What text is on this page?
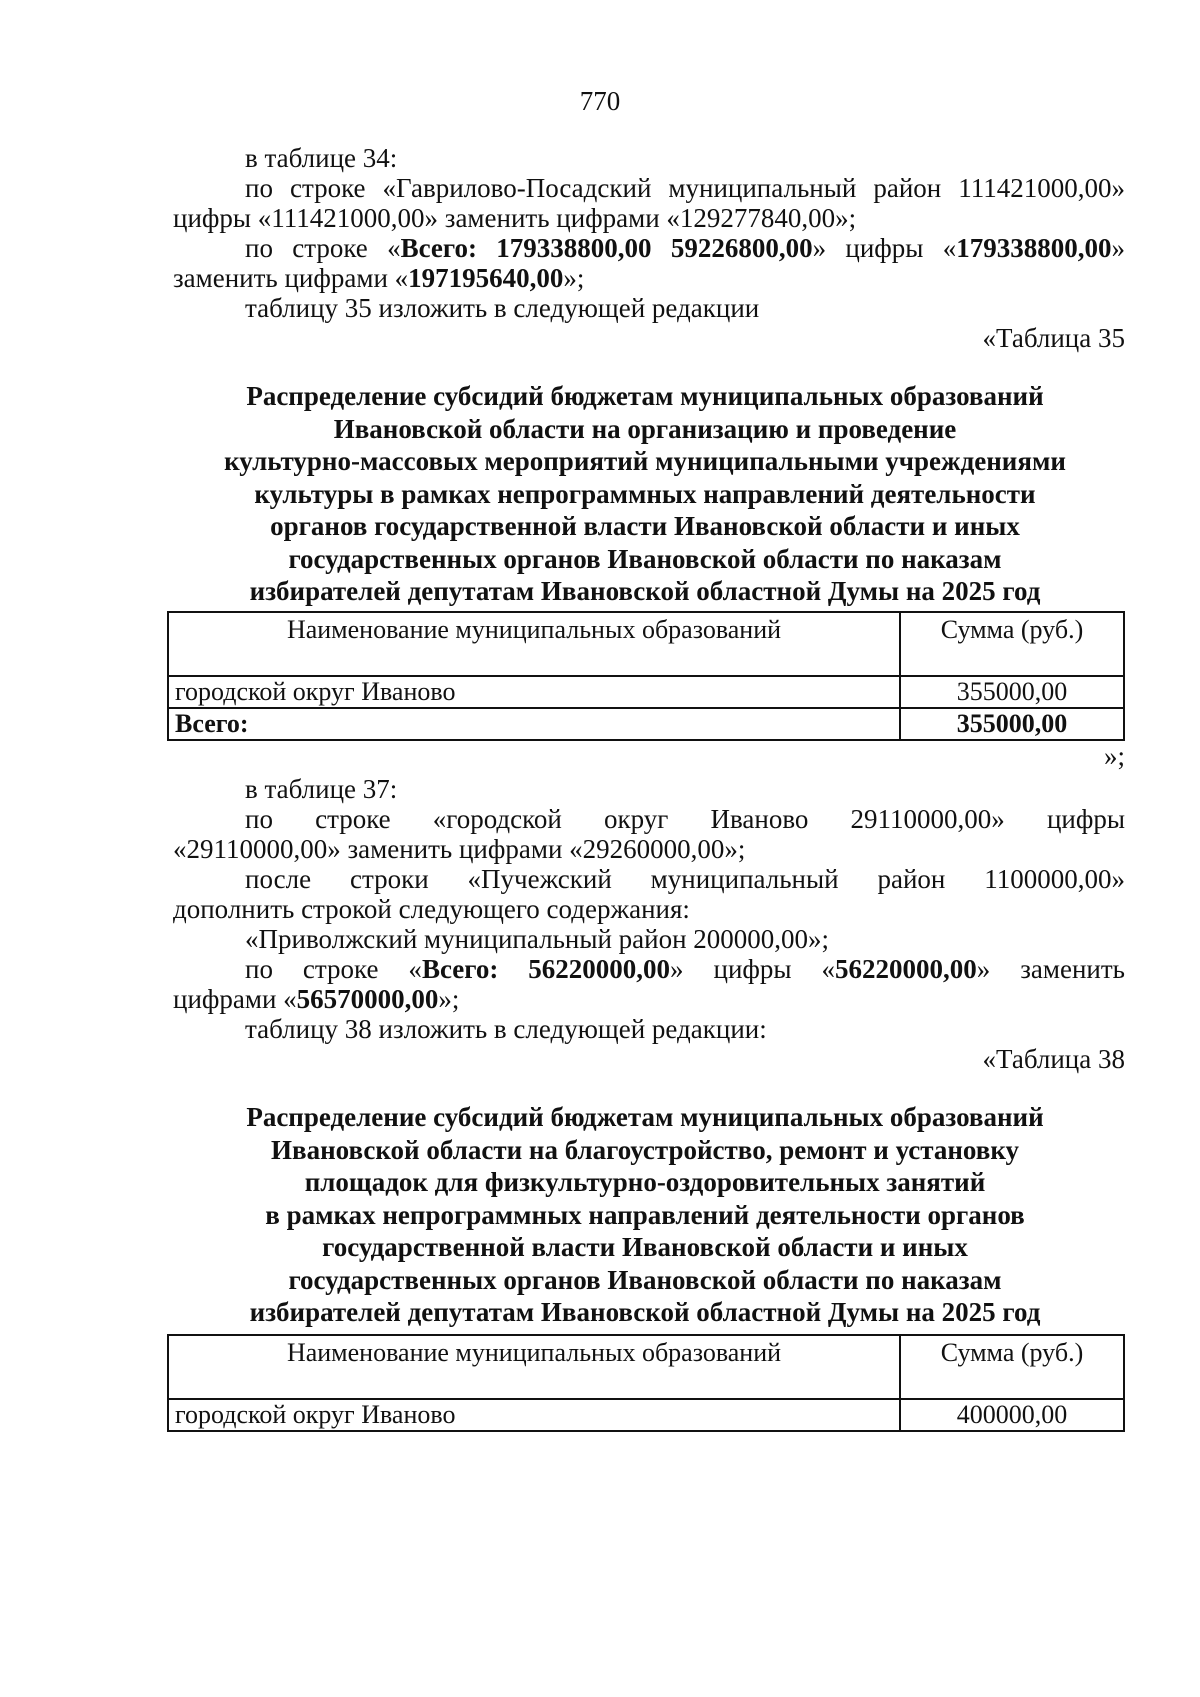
770
в таблице 34:
по строке «Гаврилово-Посадский муниципальный район 111421000,00»
цифры «111421000,00» заменить цифрами «129277840,00»;
по строке «Всего: 179338800,00 59226800,00» цифры «179338800,00»
заменить цифрами «197195640,00»;
таблицу 35 изложить в следующей редакции
«Таблица 35
Распределение субсидий бюджетам муниципальных образований
Ивановской области на организацию и проведение
культурно-массовых мероприятий муниципальными учреждениями
культуры в рамках непрограммных направлений деятельности
органов государственной власти Ивановской области и иных
государственных органов Ивановской области по наказам
избирателей депутатам Ивановской областной Думы на 2025 год
Наименование муниципальных образований	Сумма (руб.)
городской округ Иваново	355000,00
Всего:	355000,00
»;
в таблице 37:
по строке «городской округ Иваново 29110000,00» цифры
«29110000,00» заменить цифрами «29260000,00»;
после строки «Пучежский муниципальный район 1100000,00»
дополнить строкой следующего содержания:
«Приволжский муниципальный район 200000,00»;
по строке «Всего: 56220000,00» цифры «56220000,00» заменить
цифрами «56570000,00»;
таблицу 38 изложить в следующей редакции:
«Таблица 38
Распределение субсидий бюджетам муниципальных образований
Ивановской области на благоустройство, ремонт и установку
площадок для физкультурно-оздоровительных занятий
в рамках непрограммных направлений деятельности органов
государственной власти Ивановской области и иных
государственных органов Ивановской области по наказам
избирателей депутатам Ивановской областной Думы на 2025 год
Наименование муниципальных образований	Сумма (руб.)
городской округ Иваново	400000,00
